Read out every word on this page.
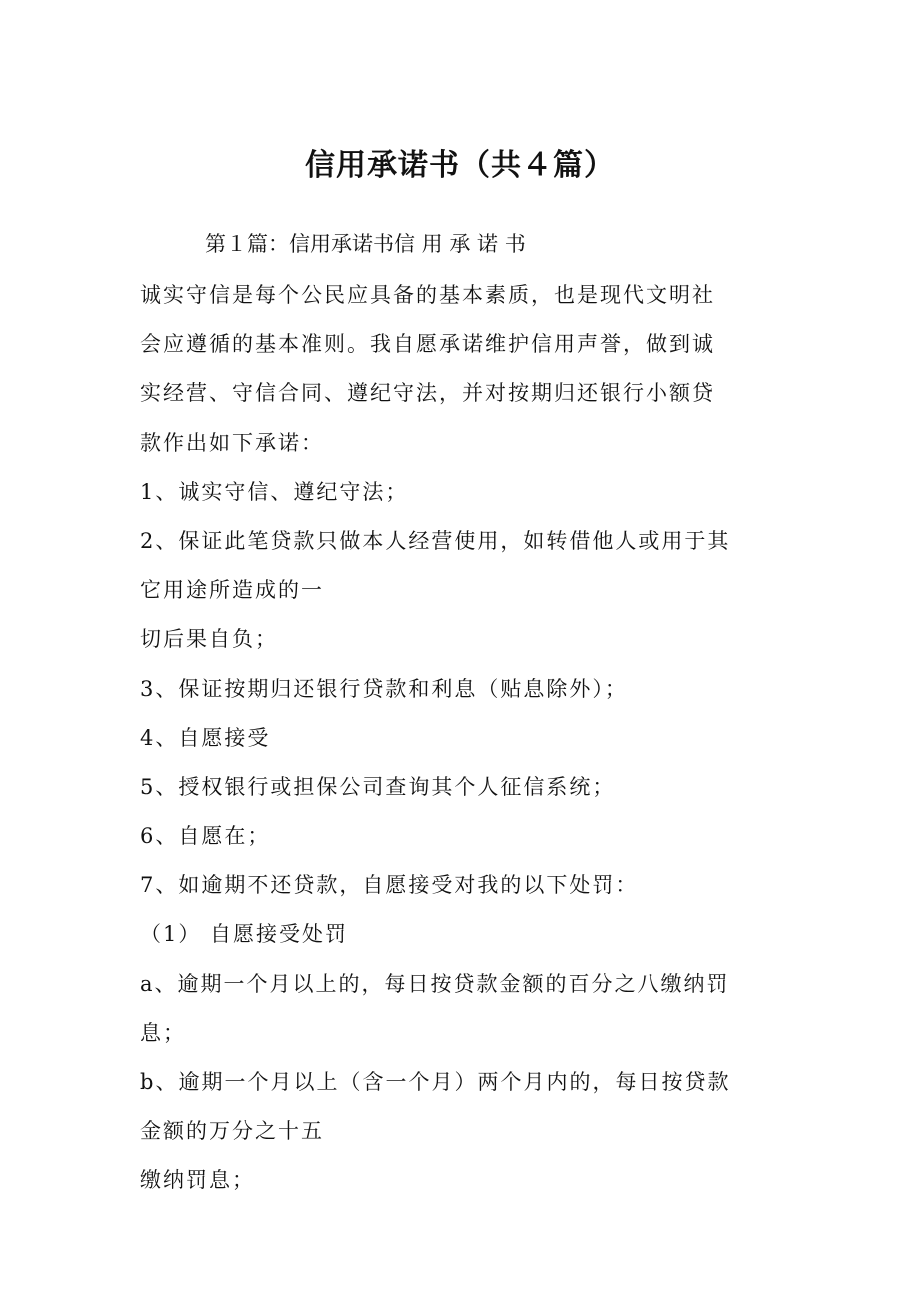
信用承诺书（共４篇）
第１篇：信用承诺书信 用 承 诺 书
诚实守信是每个公民应具备的基本素质，也是现代文明社
会应遵循的基本准则。我自愿承诺维护信用声誉，做到诚
实经营、守信合同、遵纪守法，并对按期归还银行小额贷
款作出如下承诺：
1、诚实守信、遵纪守法；
2、保证此笔贷款只做本人经营使用，如转借他人或用于其
它用途所造成的一
切后果自负；
3、保证按期归还银行贷款和利息（贴息除外）；
4、自愿接受
5、授权银行或担保公司查询其个人征信系统；
6、自愿在；
7、如逾期不还贷款，自愿接受对我的以下处罚：
（1） 自愿接受处罚
a、逾期一个月以上的，每日按贷款金额的百分之八缴纳罚
息；
b、逾期一个月以上（含一个月）两个月内的，每日按贷款
金额的万分之十五
缴纳罚息；
